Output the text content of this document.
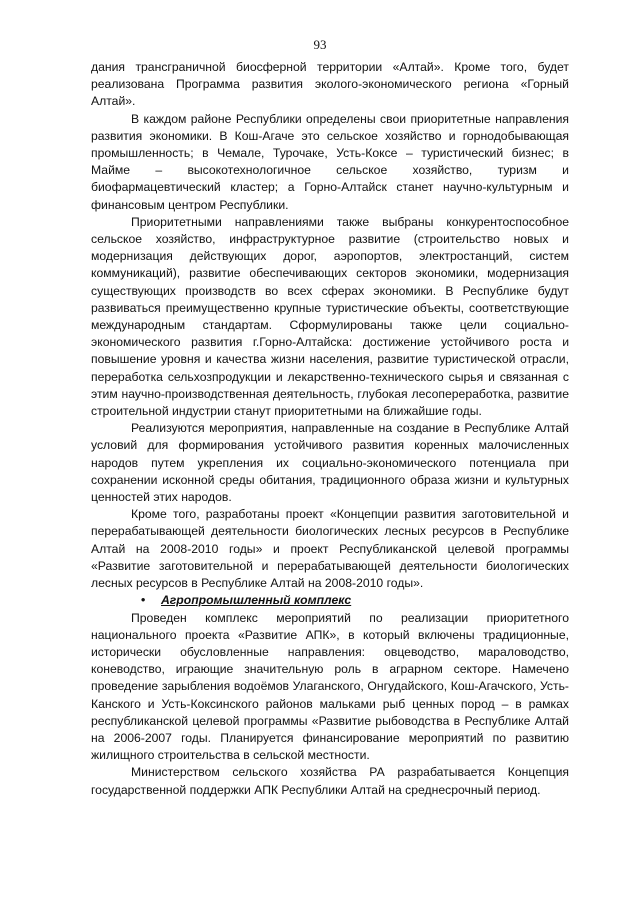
93

дания трансграничной биосферной территории «Алтай». Кроме того, будет реализована Программа развития эколого-экономического региона «Горный Алтай».

В каждом районе Республики определены свои приоритетные направления развития экономики. В Кош-Агаче это сельское хозяйство и горнодобывающая промышленность; в Чемале, Турочаке, Усть-Коксе – туристический бизнес; в Майме – высокотехнологичное сельское хозяйство, туризм и биофармацевтический кластер; а Горно-Алтайск станет научно-культурным и финансовым центром Республики.

Приоритетными направлениями также выбраны конкурентоспособное сельское хозяйство, инфраструктурное развитие (строительство новых и модернизация действующих дорог, аэропортов, электростанций, систем коммуникаций), развитие обеспечивающих секторов экономики, модернизация существующих производств во всех сферах экономики. В Республике будут развиваться преимущественно крупные туристические объекты, соответствующие международным стандартам. Сформулированы также цели социально-экономического развития г.Горно-Алтайска: достижение устойчивого роста и повышение уровня и качества жизни населения, развитие туристической отрасли, переработка сельхозпродукции и лекарственно-технического сырья и связанная с этим научно-производственная деятельность, глубокая лесопереработка, развитие строительной индустрии станут приоритетными на ближайшие годы.

Реализуются мероприятия, направленные на создание в Республике Алтай условий для формирования устойчивого развития коренных малочисленных народов путем укрепления их социально-экономического потенциала при сохранении исконной среды обитания, традиционного образа жизни и культурных ценностей этих народов.

Кроме того, разработаны проект «Концепции развития заготовительной и перерабатывающей деятельности биологических лесных ресурсов в Республике Алтай на 2008-2010 годы» и проект Республиканской целевой программы «Развитие заготовительной и перерабатывающей деятельности биологических лесных ресурсов в Республике Алтай на 2008-2010 годы».

• Агропромышленный комплекс

Проведен комплекс мероприятий по реализации приоритетного национального проекта «Развитие АПК», в который включены традиционные, исторически обусловленные направления: овцеводство, мараловодство, коневодство, играющие значительную роль в аграрном секторе. Намечено проведение зарыбления водоёмов Улаганского, Онгудайского, Кош-Агачского, Усть-Канского и Усть-Коксинского районов мальками рыб ценных пород – в рамках республиканской целевой программы «Развитие рыбоводства в Республике Алтай на 2006-2007 годы. Планируется финансирование мероприятий по развитию жилищного строительства в сельской местности.

Министерством сельского хозяйства РА разрабатывается Концепция государственной поддержки АПК Республики Алтай на среднесрочный период.
